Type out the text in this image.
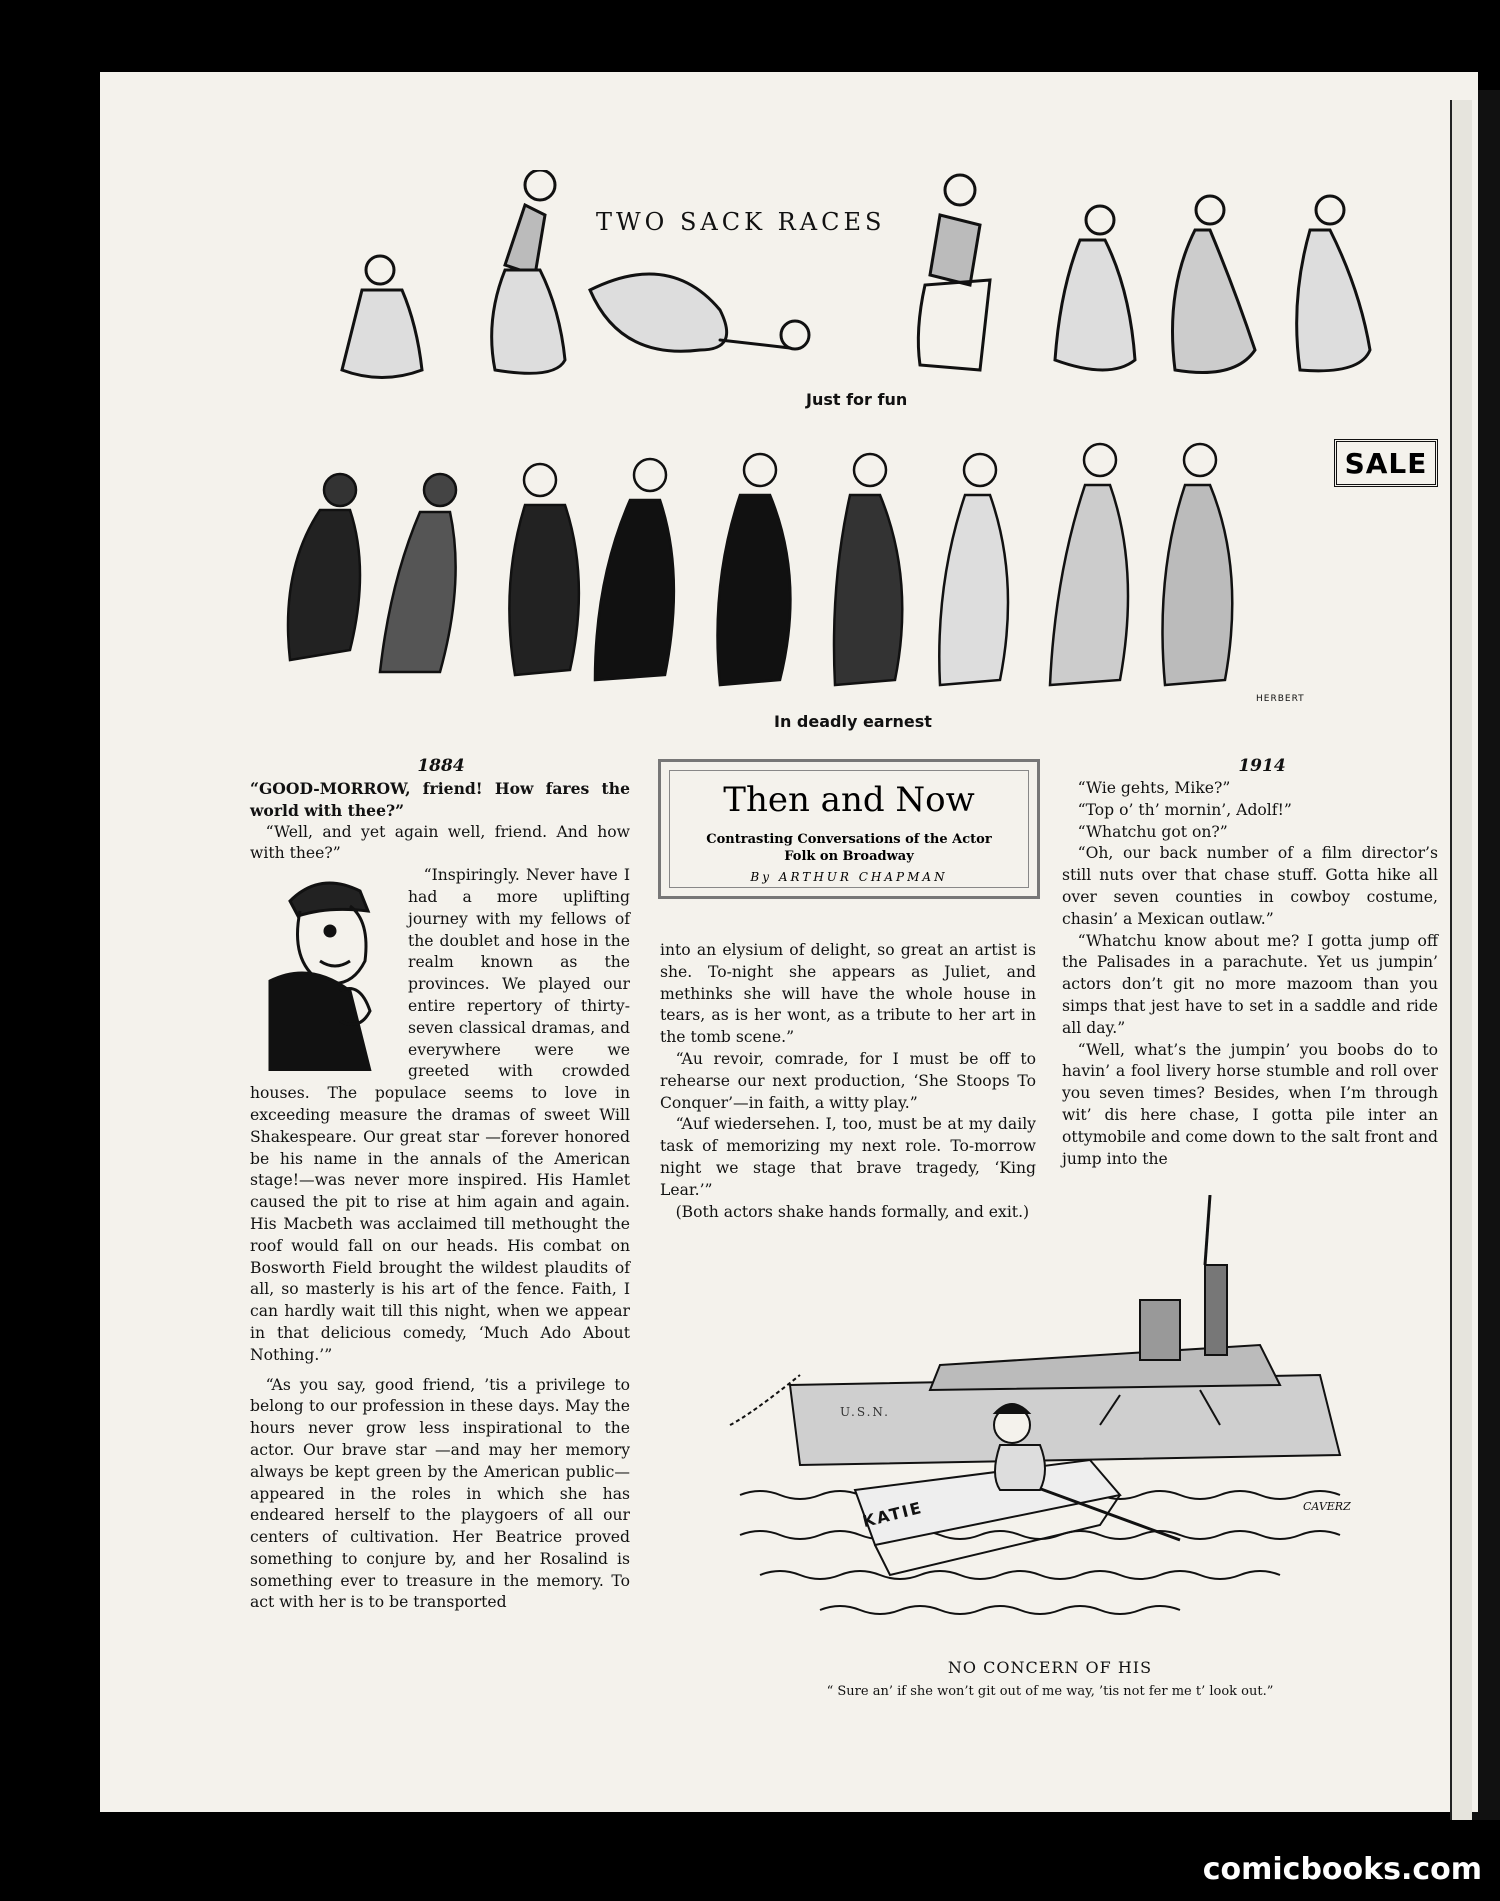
TWO SACK RACES
Just for fun
SALE
HERBERT
In deadly earnest
1884

“GOOD-MORROW, friend! How fares the world with thee?”

“Well, and yet again well, friend. And how with thee?”

“Inspiringly. Never have I had a more uplifting journey with my fellows of the doublet and hose in the realm known as the provinces. We played our entire repertory of thirty-seven classical dramas, and everywhere were we greeted with crowded houses. The populace seems to love in exceeding measure the dramas of sweet Will Shakespeare. Our great star —forever honored be his name in the annals of the American stage!—was never more inspired. His Hamlet caused the pit to rise at him again and again. His Macbeth was acclaimed till methought the roof would fall on our heads. His combat on Bosworth Field brought the wildest plaudits of all, so masterly is his art of the fence. Faith, I can hardly wait till this night, when we appear in that delicious comedy, ‘Much Ado About Nothing.’”

“As you say, good friend, ’tis a privilege to belong to our profession in these days. May the hours never grow less inspirational to the actor. Our brave star —and may her memory always be kept green by the American public—appeared in the roles in which she has endeared herself to the playgoers of all our centers of cultivation. Her Beatrice proved something to conjure by, and her Rosalind is something ever to treasure in the memory. To act with her is to be transported

Then and Now
Contrasting Conversations of the Actor
Folk on Broadway
By ARTHUR CHAPMAN

into an elysium of delight, so great an artist is she. To-night she appears as Juliet, and methinks she will have the whole house in tears, as is her wont, as a tribute to her art in the tomb scene.”

“Au revoir, comrade, for I must be off to rehearse our next production, ‘She Stoops To Conquer’—in faith, a witty play.”

“Auf wiedersehen. I, too, must be at my daily task of memorizing my next role. To-morrow night we stage that brave tragedy, ‘King Lear.’”

(Both actors shake hands formally, and exit.)

1914

“Wie gehts, Mike?”

“Top o’ th’ mornin’, Adolf!”

“Whatchu got on?”

“Oh, our back number of a film director’s still nuts over that chase stuff. Gotta hike all over seven counties in cowboy costume, chasin’ a Mexican outlaw.”

“Whatchu know about me? I gotta jump off the Palisades in a parachute. Yet us jumpin’ actors don’t git no more mazoom than you simps that jest have to set in a saddle and ride all day.”

“Well, what’s the jumpin’ you boobs do to havin’ a fool livery horse stumble and roll over you seven times? Besides, when I’m through wit’ dis here chase, I gotta pile inter an ottymobile and come down to the salt front and jump into the

U.S.N.
KATIE	CAVERZ
NO CONCERN OF HIS
“ Sure an’ if she won’t git out of me way, ’tis not fer me t’ look out.”
comicbooks.com
